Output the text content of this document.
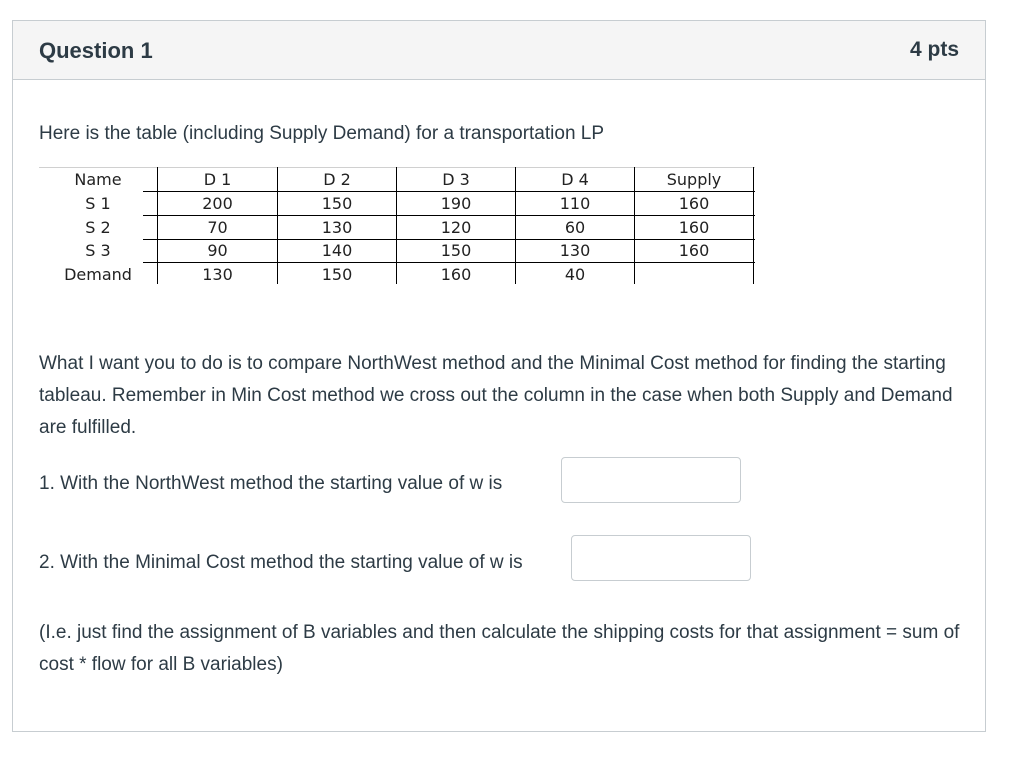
Question 1	4 pts
Here is the table (including Supply Demand) for a transportation LP
Name	D 1	D 2	D 3	D 4	Supply
S 1	200	150	190	110	160
S 2	70	130	120	60	160
S 3	90	140	150	130	160
Demand	130	150	160	40
What I want you to do is to compare NorthWest method and the Minimal Cost method for finding the starting tableau. Remember in Min Cost method we cross out the column in the case when both Supply and Demand are fulfilled.
1. With the NorthWest method the starting value of w is
2. With the Minimal Cost method the starting value of w is
(I.e. just find the assignment of B variables and then calculate the shipping costs for that assignment = sum of cost * flow for all B variables)
